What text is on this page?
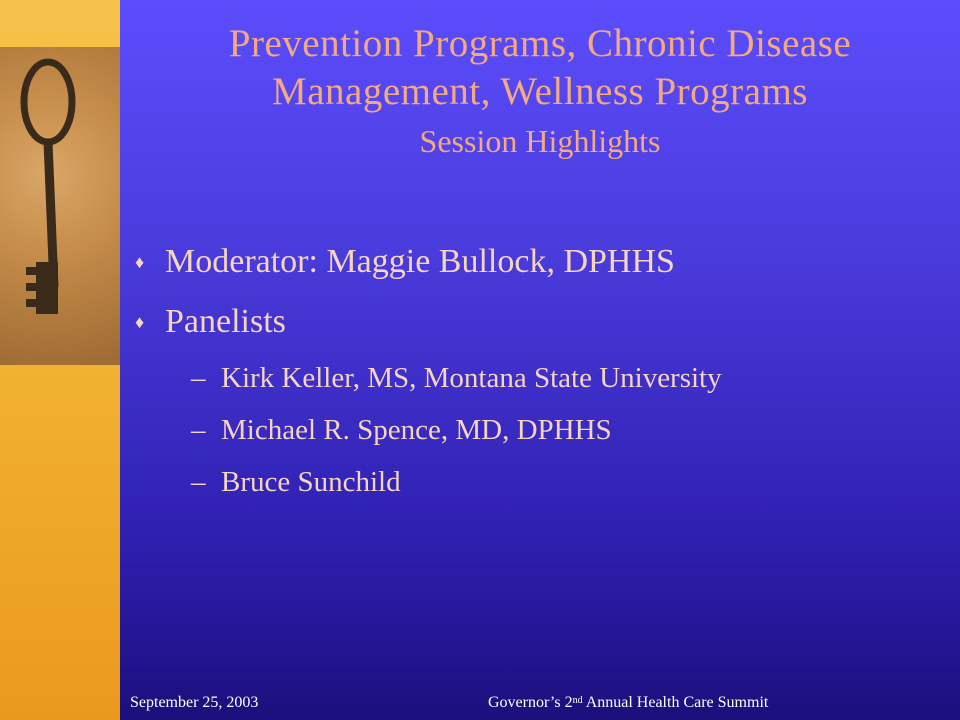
Prevention Programs, Chronic Disease
Management, Wellness Programs
Session Highlights
♦ Moderator: Maggie Bullock, DPHHS
♦ Panelists
– Kirk Keller, MS, Montana State University
– Michael R. Spence, MD, DPHHS
– Bruce Sunchild
September 25, 2003	Governor’s 2nd Annual Health Care Summit
